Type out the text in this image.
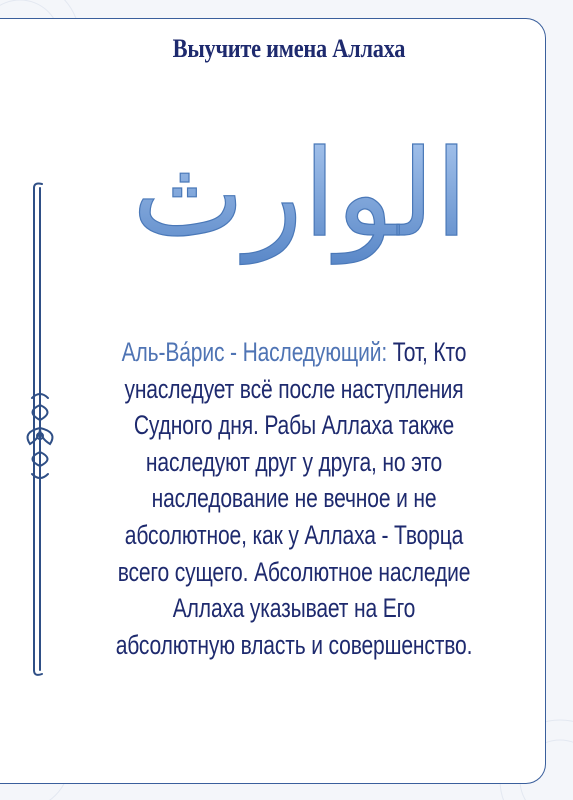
Выучите имена Аллаха
الوارث

Аль-Ва́рис - Наследующий: Тот, Кто унаследует всё после наступления Судного дня. Рабы Аллаха также наследуют друг у друга, но это наследование не вечное и не абсолютное, как у Аллаха - Творца всего сущего. Абсолютное наследие Аллаха указывает на Его абсолютную власть и совершенство.
